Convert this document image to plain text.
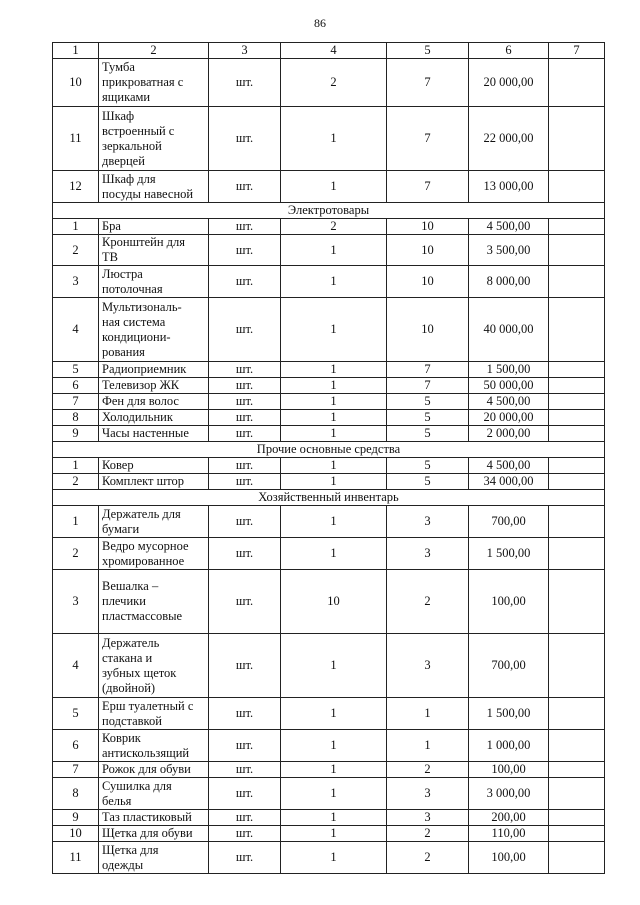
86
1	2	3	4	5	6	7
10	Тумба
прикроватная с
ящиками	шт.	2	7	20 000,00	
11	Шкаф
встроенный с
зеркальной
дверцей	шт.	1	7	22 000,00	
12	Шкаф для
посуды навесной	шт.	1	7	13 000,00	
Электротовары						
1	Бра	шт.	2	10	4 500,00	
2	Кронштейн для
ТВ	шт.	1	10	3 500,00	
3	Люстра
потолочная	шт.	1	10	8 000,00	
4	Мультизональ-
ная система
кондициони-
рования	шт.	1	10	40 000,00	
5	Радиоприемник	шт.	1	7	1 500,00	
6	Телевизор ЖК	шт.	1	7	50 000,00	
7	Фен для волос	шт.	1	5	4 500,00	
8	Холодильник	шт.	1	5	20 000,00	
9	Часы настенные	шт.	1	5	2 000,00	
Прочие основные средства						
1	Ковер	шт.	1	5	4 500,00	
2	Комплект штор	шт.	1	5	34 000,00	
Хозяйственный инвентарь						
1	Держатель для
бумаги	шт.	1	3	700,00	
2	Ведро мусорное
хромированное	шт.	1	3	1 500,00	
3	Вешалка –
плечики
пластмассовые	шт.	10	2	100,00	
4	Держатель
стакана и
зубных щеток
(двойной)	шт.	1	3	700,00	
5	Ерш туалетный с
подставкой	шт.	1	1	1 500,00	
6	Коврик
антискользящий	шт.	1	1	1 000,00	
7	Рожок для обуви	шт.	1	2	100,00	
8	Сушилка для
белья	шт.	1	3	3 000,00	
9	Таз пластиковый	шт.	1	3	200,00	
10	Щетка для обуви	шт.	1	2	110,00	
11	Щетка для
одежды	шт.	1	2	100,00	
